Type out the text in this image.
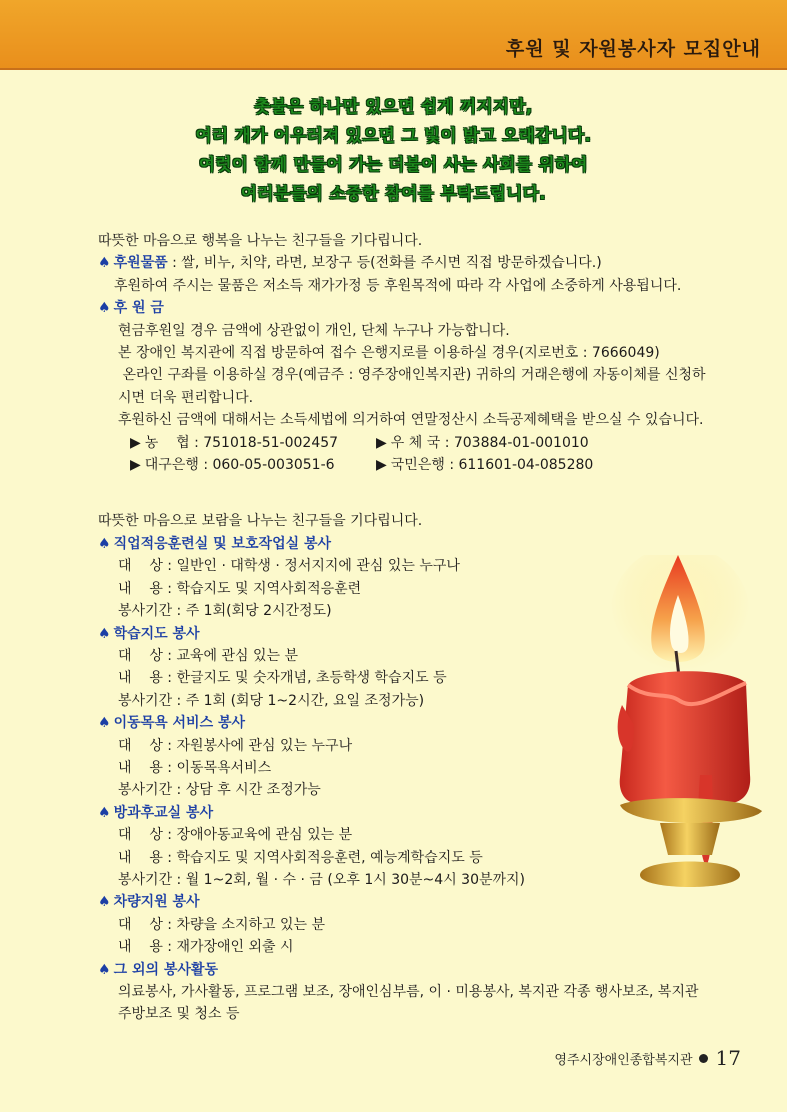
후원 및 자원봉사자 모집안내
촛불은 하나만 있으면 쉽게 꺼지지만,
여러 개가 어우러져 있으면 그 빛이 밝고 오래갑니다.
여럿이 함께 만들어 가는 더불어 사는 사회를 위하여
여러분들의 소중한 참여를 부탁드립니다.
따뜻한 마음으로 행복을 나누는 친구들을 기다립니다.
♠ 후원물품 : 쌀, 비누, 치약, 라면, 보장구 등(전화를 주시면 직접 방문하겠습니다.)
후원하여 주시는 물품은 저소득 재가가정 등 후원목적에 따라 각 사업에 소중하게 사용됩니다.
♠ 후 원 금
현금후원일 경우 금액에 상관없이 개인, 단체 누구나 가능합니다.
본 장애인 복지관에 직접 방문하여 접수 은행지로를 이용하실 경우(지로번호 : 7666049)
온라인 구좌를 이용하실 경우(예금주 : 영주장애인복지관) 귀하의 거래은행에 자동이체를 신청하
시면 더욱 편리합니다.
후원하신 금액에 대해서는 소득세법에 의거하여 연말정산시 소득공제혜택을 받으실 수 있습니다.
▶ 농    협 : 751018-51-002457	▶ 우 체 국 : 703884-01-001010
▶ 대구은행 : 060-05-003051-6	▶ 국민은행 : 611601-04-085280
따뜻한 마음으로 보람을 나누는 친구들을 기다립니다.
♠ 직업적응훈련실 및 보호작업실 봉사
대    상 : 일반인 · 대학생 · 정서지지에 관심 있는 누구나
내    용 : 학습지도 및 지역사회적응훈련
봉사기간 : 주 1회(회당 2시간정도)
♠ 학습지도 봉사
대    상 : 교육에 관심 있는 분
내    용 : 한글지도 및 숫자개념, 초등학생 학습지도 등
봉사기간 : 주 1회 (회당 1~2시간, 요일 조정가능)
♠ 이동목욕 서비스 봉사
대    상 : 자원봉사에 관심 있는 누구나
내    용 : 이동목욕서비스
봉사기간 : 상담 후 시간 조정가능
♠ 방과후교실 봉사
대    상 : 장애아동교육에 관심 있는 분
내    용 : 학습지도 및 지역사회적응훈련, 예능계학습지도 등
봉사기간 : 월 1~2회, 월 · 수 · 금 (오후 1시 30분~4시 30분까지)
♠ 차량지원 봉사
대    상 : 차량을 소지하고 있는 분
내    용 : 재가장애인 외출 시
♠ 그 외의 봉사활동
의료봉사, 가사활동, 프로그램 보조, 장애인심부름, 이 · 미용봉사, 복지관 각종 행사보조, 복지관
주방보조 및 청소 등
영주시장애인종합복지관 17
